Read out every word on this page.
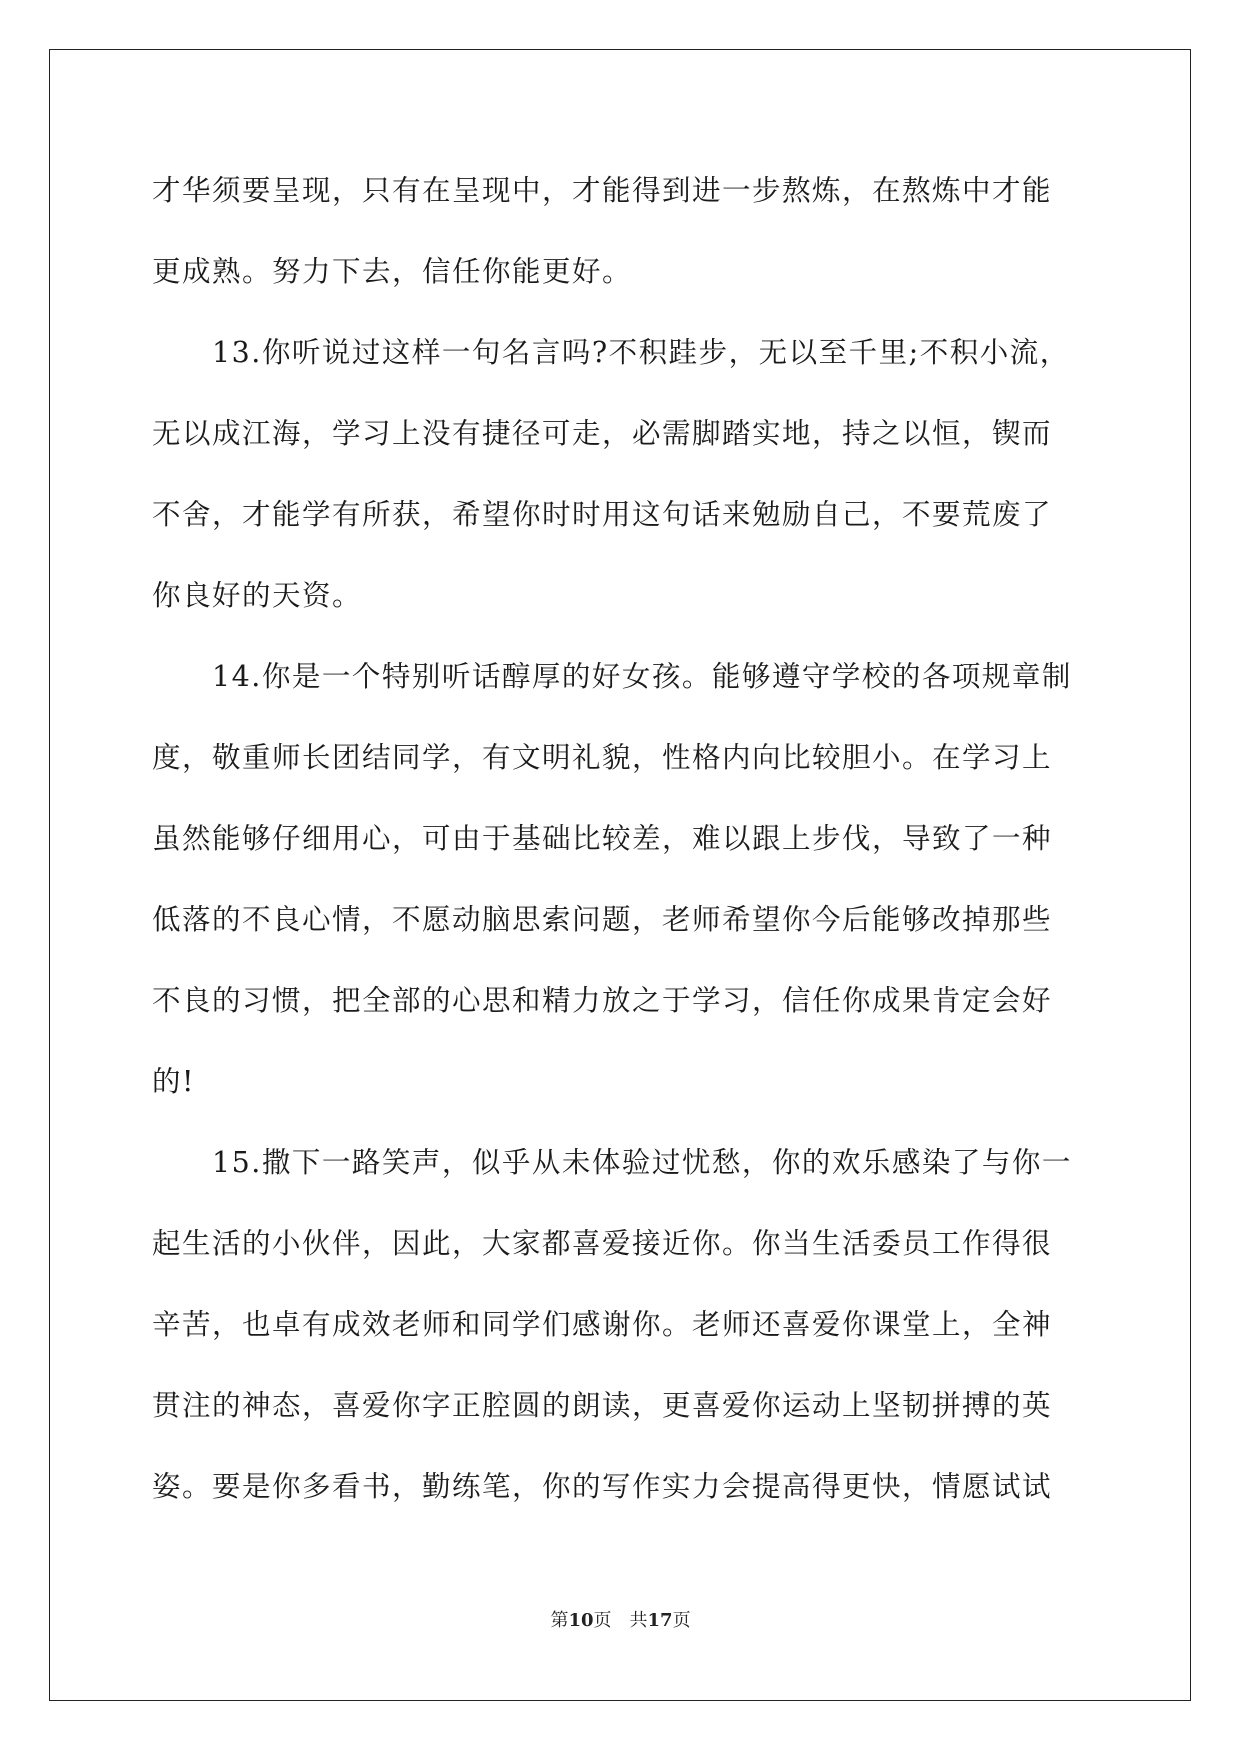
才华须要呈现，只有在呈现中，才能得到进一步熬炼，在熬炼中才能
更成熟。努力下去，信任你能更好。
　　13.你听说过这样一句名言吗?不积跬步，无以至千里;不积小流，
无以成江海，学习上没有捷径可走，必需脚踏实地，持之以恒，锲而
不舍，才能学有所获，希望你时时用这句话来勉励自己，不要荒废了
你良好的天资。
　　14.你是一个特别听话醇厚的好女孩。能够遵守学校的各项规章制
度，敬重师长团结同学，有文明礼貌，性格内向比较胆小。在学习上
虽然能够仔细用心，可由于基础比较差，难以跟上步伐，导致了一种
低落的不良心情，不愿动脑思索问题，老师希望你今后能够改掉那些
不良的习惯，把全部的心思和精力放之于学习，信任你成果肯定会好
的!
　　15.撒下一路笑声，似乎从未体验过忧愁，你的欢乐感染了与你一
起生活的小伙伴，因此，大家都喜爱接近你。你当生活委员工作得很
辛苦，也卓有成效老师和同学们感谢你。老师还喜爱你课堂上，全神
贯注的神态，喜爱你字正腔圆的朗读，更喜爱你运动上坚韧拼搏的英
姿。要是你多看书，勤练笔，你的写作实力会提高得更快，情愿试试
第10页 共17页
